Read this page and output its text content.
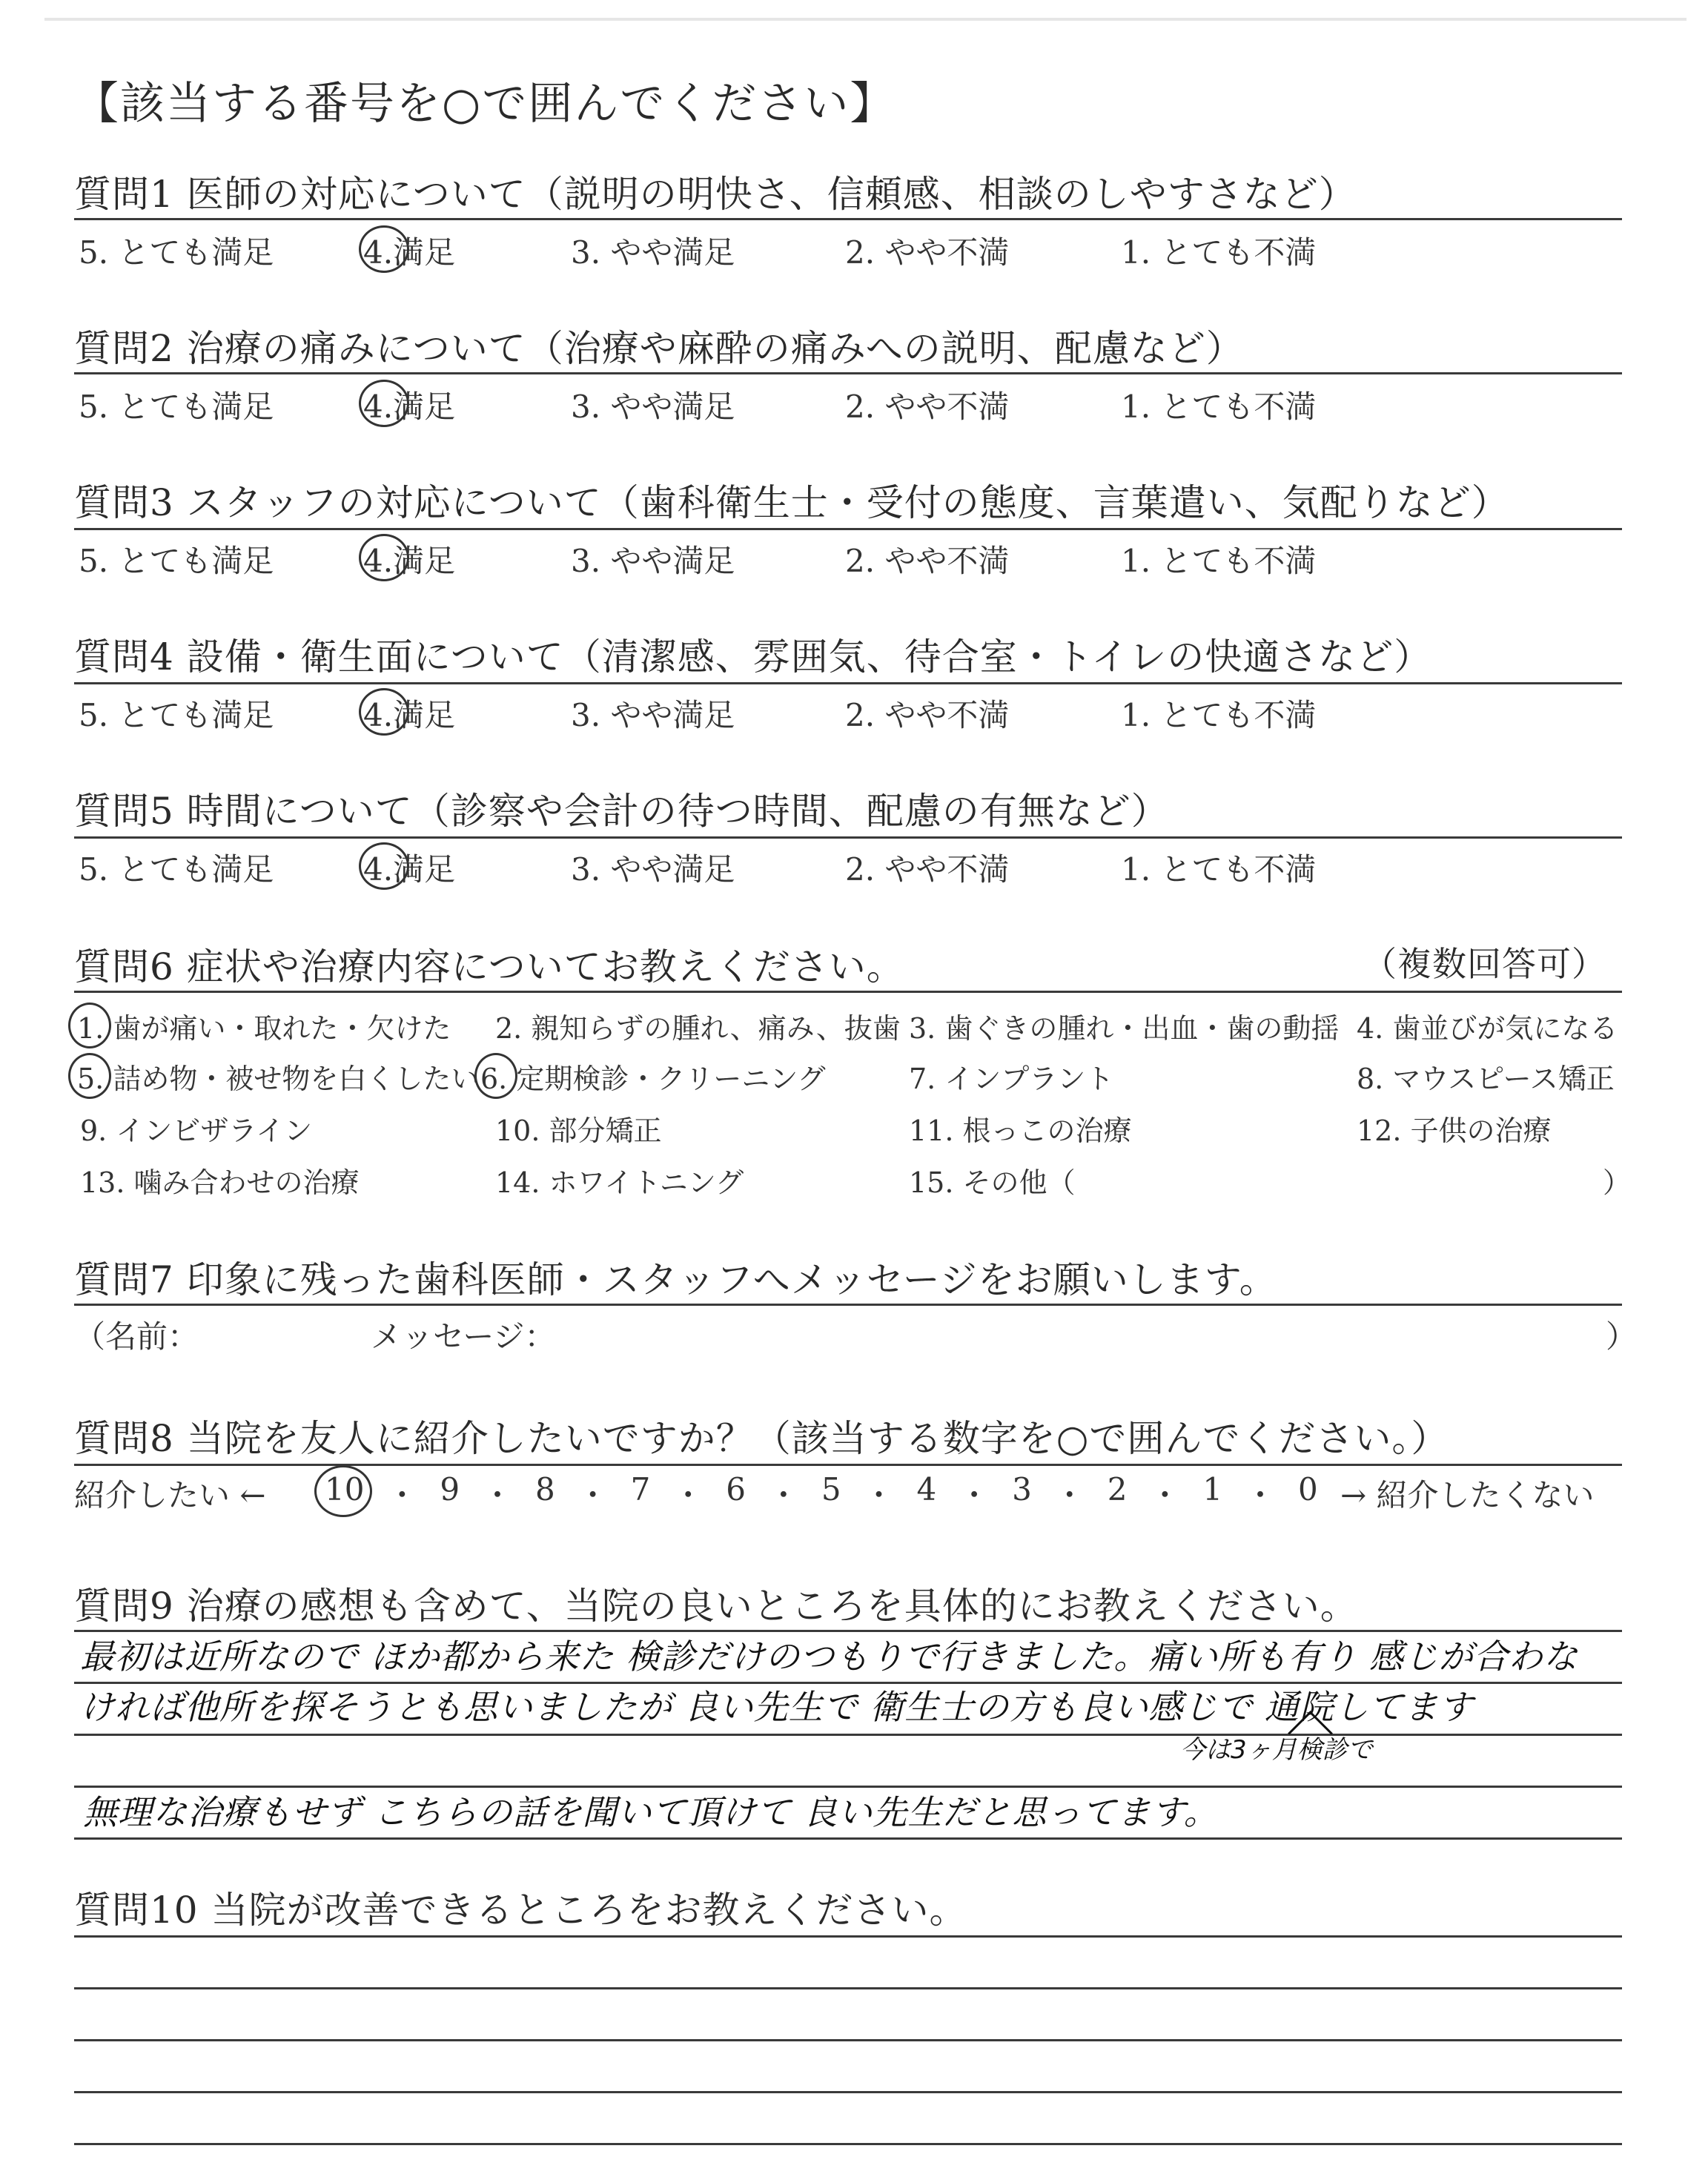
【該当する番号を○で囲んでください】
質問1 医師の対応について（説明の明快さ、信頼感、相談のしやすさなど）
5. とても満足	4.満足	3. やや満足	2. やや不満	1. とても不満
質問2 治療の痛みについて（治療や麻酔の痛みへの説明、配慮など）
5. とても満足	4.満足	3. やや満足	2. やや不満	1. とても不満
質問3 スタッフの対応について（歯科衛生士・受付の態度、言葉遣い、気配りなど）
5. とても満足	4.満足	3. やや満足	2. やや不満	1. とても不満
質問4 設備・衛生面について（清潔感、雰囲気、待合室・トイレの快適さなど）
5. とても満足	4.満足	3. やや満足	2. やや不満	1. とても不満
質問5 時間について（診察や会計の待つ時間、配慮の有無など）
5. とても満足	4.満足	3. やや満足	2. やや不満	1. とても不満
質問6 症状や治療内容についてお教えください。	（複数回答可）
1. 歯が痛い・取れた・欠けた 2. 親知らずの腫れ、痛み、抜歯 3. 歯ぐきの腫れ・出血・歯の動揺 4. 歯並びが気になる
5. 詰め物・被せ物を白くしたい 6. 定期検診・クリーニング	7. インプラント	8. マウスピース矯正
9. インビザライン	10. 部分矯正	11. 根っこの治療	12. 子供の治療
13. 噛み合わせの治療	14. ホワイトニング	15. その他（	）
質問7 印象に残った歯科医師・スタッフへメッセージをお願いします。
（名前：	メッセージ：	）
質問8 当院を友人に紹介したいですか？（該当する数字を○で囲んでください。）
紹介したい ←	→ 紹介したくない
10 ・ 9 ・ 8 ・ 7 ・ 6 ・ 5 ・ 4 ・ 3 ・ 2 ・ 1 ・ 0
質問9 治療の感想も含めて、当院の良いところを具体的にお教えください。
最初は近所なので ほか都から来た 検診だけのつもりで行きました。痛い所も有り 感じが合わな
ければ他所を探そうとも思いましたが 良い先生で 衛生士の方も良い感じで 通院してます
今は3ヶ月検診で
無理な治療もせず こちらの話を聞いて頂けて 良い先生だと思ってます。
質問10 当院が改善できるところをお教えください。
